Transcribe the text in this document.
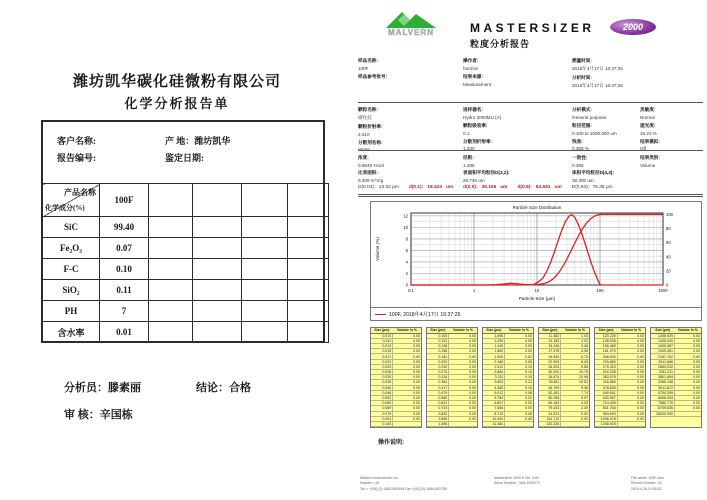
潍坊凯华碳化硅微粉有限公司
化学分析报告单
客户名称:	产 地：潍坊凯华
报告编号:	鉴定日期:
产品名称
化学成分(%)	100F				
SiC	99.40				
Fe₂O₃	0.07				
F-C	0.10				
SiO₂	0.11				
PH	7				
含水率	0.01				
分析员：滕素丽	结论：合格
审 核：辛国栋
MALVERN	MASTERSIZER	2000
粒度分析报告
样品名称:
100F
样品参考批号:
操作者:
horizon
结果来源:
Measurement
测量时间:
2018年4月17日 16:37:25
分析时间:
2018年4月17日 16:37:26
颗粒名称:
碳化硅
颗粒折射率:
2.610
分散剂名称:
Water
进样器名:
Hydro 2000MU (A)
颗粒吸收率:
0.1
分散剂折射率:
1.330
分析模式:
General purpose
粒径范围:
0.100 to 1000.000 um
残差:
0.389 %
灵敏度:
Normal
遮光度:
15.23 %
结果模拟:
Off
浓度:
0.0648 %Vol
径距:
1.285
一致性:
0.396
结果类别:
Volume
比表面积:
0.209 m^2/g
表面积平均粒径D[3,2]:
28.740 um
体积平均粒径D[4,3]:
38.300 um
D(0,03)：13.52 μm d(0.1): 18.423 um d(0.5): 35.156 um d(0.9): 63.591 um D(0,94)：76.48 μm
Particle Size Distribution
0
2
4
6
8
10
12
0
20
40
60
80
100
0.1	1	10	100	1000
Particle Size (µm)
Volume (%)
100F, 2018年4月17日 16:37:25
Size (µm)	Volume In %
0.010	0.00
0.011	0.00
0.013	0.00
0.015	0.00
0.017	0.00
0.020	0.00
0.023	0.00
0.026	0.00
0.030	0.00
0.035	0.00
0.040	0.00
0.046	0.00
0.052	0.00
0.060	0.00
0.069	0.00
0.079	0.00
0.091	0.00
0.105	
Size (µm)	Volume In %
0.105	0.00
0.120	0.00
0.138	0.00
0.158	0.00
0.182	0.00
0.209	0.00
0.240	0.00
0.275	0.00
0.316	0.00
0.363	0.00
0.417	0.00
0.479	0.00
0.550	0.00
0.631	0.00
0.724	0.00
0.832	0.00
0.955	0.00
1.096	
Size (µm)	Volume In %
1.096	0.00
1.259	0.00
1.445	0.00
1.660	0.00
1.905	0.02
2.188	0.06
2.512	0.10
2.884	0.15
3.311	0.19
3.802	0.21
4.365	0.16
5.012	0.08
5.754	0.02
6.607	0.00
7.586	0.00
8.710	0.08
10.000	0.45
11.482	
Size (µm)	Volume In %
11.482	1.03
13.183	2.02
15.136	3.36
17.378	4.98
19.953	6.75
22.909	8.45
26.303	9.86
30.200	10.75
34.674	10.98
39.811	10.52
45.709	9.36
52.481	7.74
60.256	5.97
69.183	4.03
79.433	2.30
91.201	0.92
104.713	0.00
120.226	
Size (µm)	Volume In %
120.226	0.00
138.038	0.00
158.489	0.00
181.970	0.00
208.930	0.00
239.883	0.00
275.423	0.00
316.228	0.00
363.078	0.00
416.869	0.00
478.630	0.00
549.541	0.00
630.957	0.00
724.436	0.00
831.764	0.00
954.993	0.00
1096.478	0.00
1258.925	
Size (µm)	Volume In %
1258.925	0.00
1445.440	0.00
1659.587	0.00
1905.461	0.00
2187.762	0.00
2511.886	0.00
2884.032	0.00
3311.311	0.00
3801.894	0.00
4365.158	0.00
5011.872	0.00
5754.399	0.00
6606.934	0.00
7585.776	0.00
8709.636	0.00
10000.000	
操作说明:
Malvern Instruments Ltd.
Malvern, UK
Tel := +[44] (0) 1684-892456 Fax +[44] (0) 1684-892789
Mastersizer 2000 E Ver. 5.60
Serial Number : MAL1005172
File name: 100F.mea
Record Number: 44
2018-4-26 14:05:32
